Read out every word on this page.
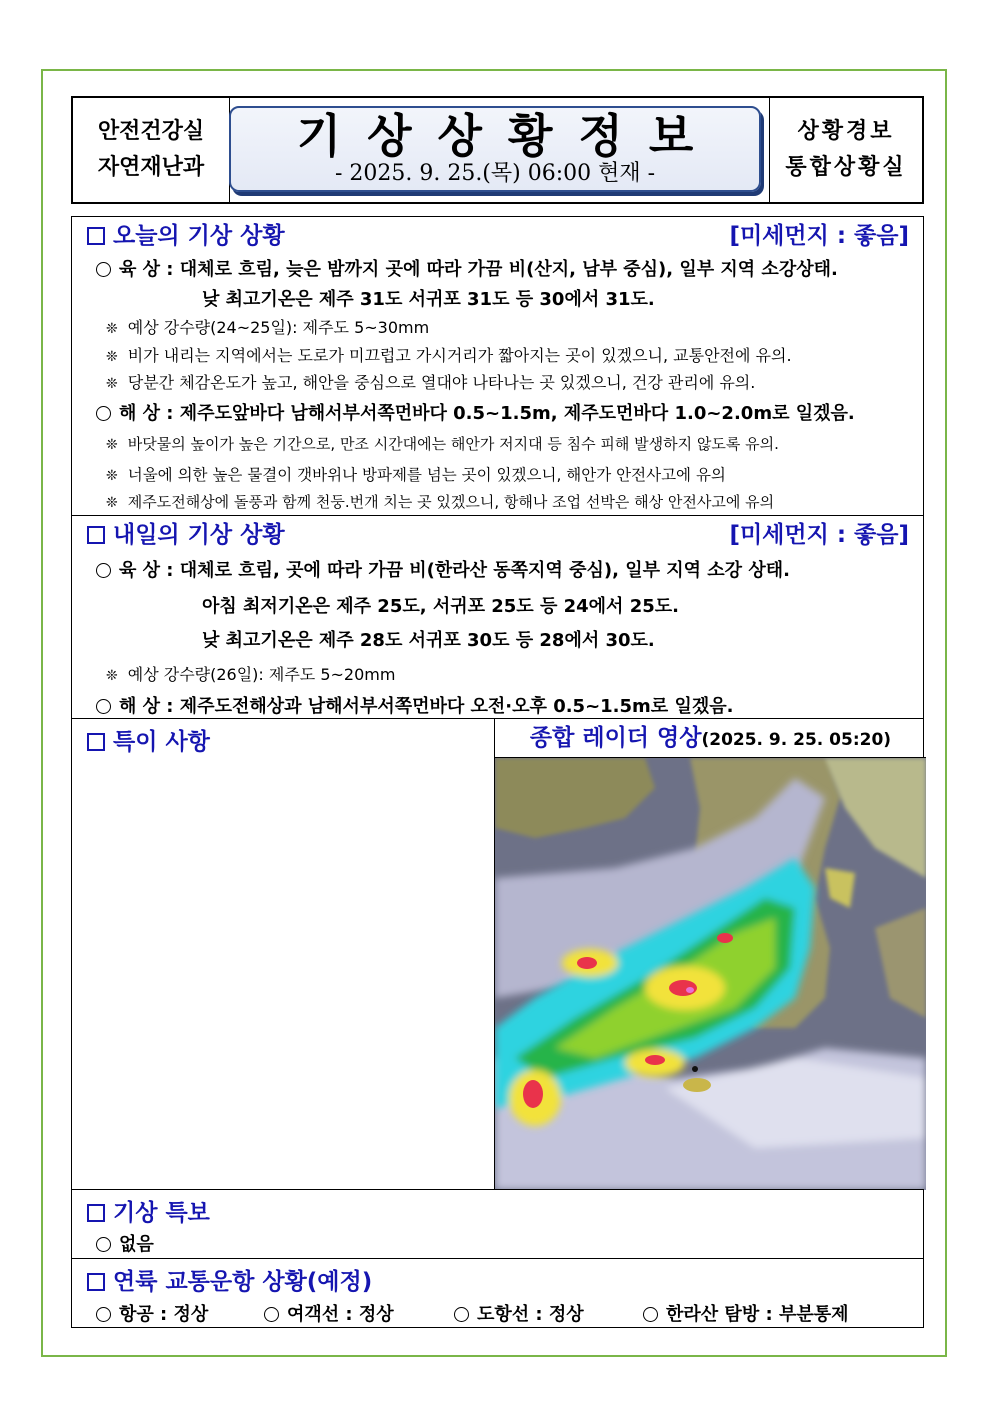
안전건강실
자연재난과
기상상황정보
- 2025. 9. 25.(목) 06:00 현재 -
상황경보
통합상황실
오늘의 기상 상황	[미세먼지 : 좋음]
육 상 : 대체로 흐림, 늦은 밤까지 곳에 따라 가끔 비(산지, 남부 중심), 일부 지역 소강상태.
낮 최고기온은 제주 31도 서귀포 31도 등 30에서 31도.
❊ 예상 강수량(24~25일): 제주도 5~30mm
❊ 비가 내리는 지역에서는 도로가 미끄럽고 가시거리가 짧아지는 곳이 있겠으니, 교통안전에 유의.
❊ 당분간 체감온도가 높고, 해안을 중심으로 열대야 나타나는 곳 있겠으니, 건강 관리에 유의.
해 상 : 제주도앞바다 남해서부서쪽먼바다 0.5~1.5m, 제주도먼바다 1.0~2.0m로 일겠음.
❊ 바닷물의 높이가 높은 기간으로, 만조 시간대에는 해안가 저지대 등 침수 피해 발생하지 않도록 유의.
❊ 너울에 의한 높은 물결이 갯바위나 방파제를 넘는 곳이 있겠으니, 해안가 안전사고에 유의
❊ 제주도전해상에 돌풍과 함께 천둥.번개 치는 곳 있겠으니, 항해나 조업 선박은 해상 안전사고에 유의
내일의 기상 상황	[미세먼지 : 좋음]
육 상 : 대체로 흐림, 곳에 따라 가끔 비(한라산 동쪽지역 중심), 일부 지역 소강 상태.
아침 최저기온은 제주 25도, 서귀포 25도 등 24에서 25도.
낮 최고기온은 제주 28도 서귀포 30도 등 28에서 30도.
❊ 예상 강수량(26일): 제주도 5~20mm
해 상 : 제주도전해상과 남해서부서쪽먼바다 오전·오후 0.5~1.5m로 일겠음.
특이 사항	종합 레이더 영상(2025. 9. 25. 05:20)
기상 특보
없음
연륙 교통운항 상황(예정)
항공 : 정상	여객선 : 정상	도항선 : 정상	한라산 탐방 : 부분통제
